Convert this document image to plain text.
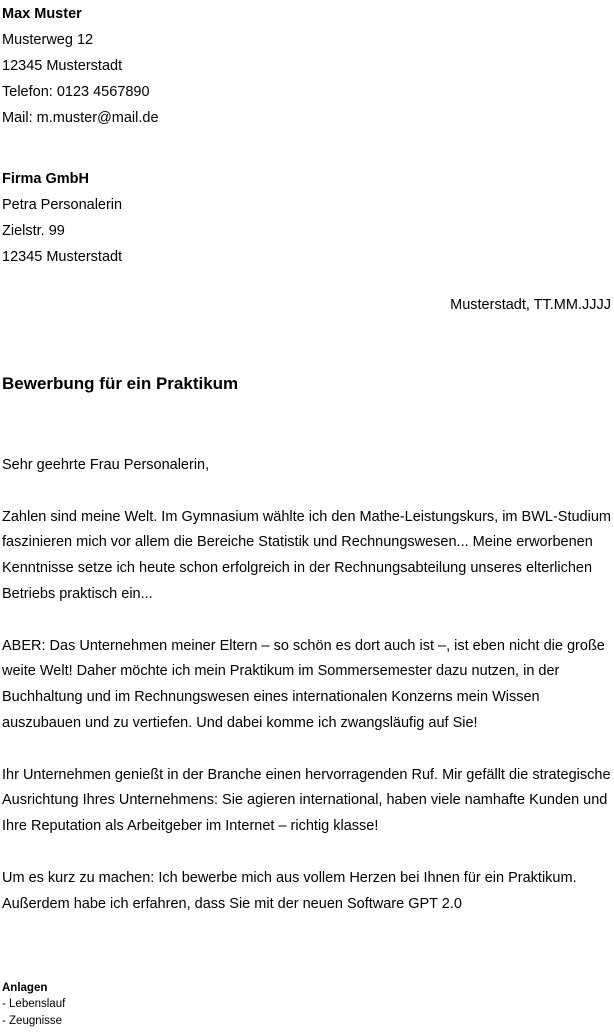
Max Muster
Musterweg 12
12345 Musterstadt
Telefon: 0123 4567890
Mail: m.muster@mail.de
Firma GmbH
Petra Personalerin
Zielstr. 99
12345 Musterstadt
Musterstadt, TT.MM.JJJJ
Bewerbung für ein Praktikum

Sehr geehrte Frau Personalerin,

Zahlen sind meine Welt. Im Gymnasium wählte ich den Mathe-Leistungskurs, im BWL-Studium faszinieren mich vor allem die Bereiche Statistik und Rechnungswesen... Meine erworbenen Kenntnisse setze ich heute schon erfolgreich in der Rechnungsabteilung unseres elterlichen Betriebs praktisch ein...

ABER: Das Unternehmen meiner Eltern – so schön es dort auch ist –, ist eben nicht die große weite Welt! Daher möchte ich mein Praktikum im Sommersemester dazu nutzen, in der Buchhaltung und im Rechnungswesen eines internationalen Konzerns mein Wissen auszubauen und zu vertiefen. Und dabei komme ich zwangsläufig auf Sie!

Ihr Unternehmen genießt in der Branche einen hervorragenden Ruf. Mir gefällt die strategische Ausrichtung Ihres Unternehmens: Sie agieren international, haben viele namhafte Kunden und Ihre Reputation als Arbeitgeber im Internet – richtig klasse!

Um es kurz zu machen: Ich bewerbe mich aus vollem Herzen bei Ihnen für ein Praktikum. Außerdem habe ich erfahren, dass Sie mit der neuen Software GPT 2.0

Anlagen
- Lebenslauf
- Zeugnisse
